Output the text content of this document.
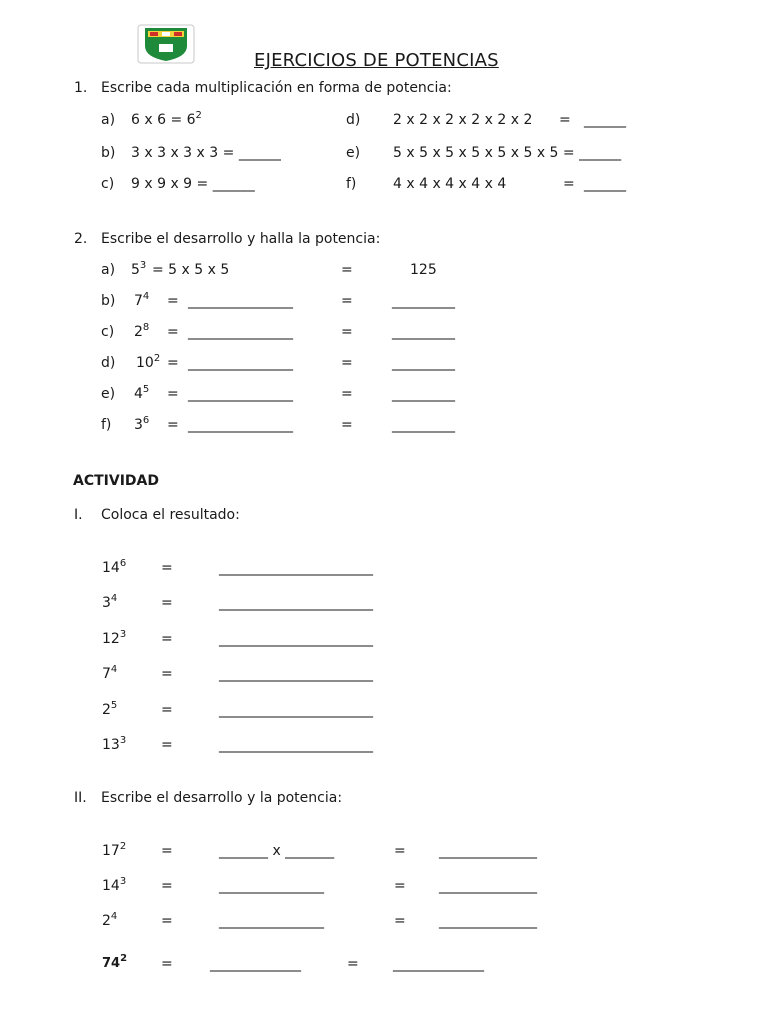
EJERCICIOS DE POTENCIAS
1. Escribe cada multiplicación en forma de potencia:
a) 6 x $6 = 6^2$
b) 3 x 3 x 3 x 3 = ______
c) 9 x 9 x 9 = ______
d) 2 x 2 x 2 x 2 x 2 x 2 = ______
e) 5 x 5 x 5 x 5 x 5 x 5 x 5 = ______
f)	4 x 4 x 4 x 4 x 4	= ______
2. Escribe el desarrollo y halla la potencia:
a) $5^3 = 5$ x 5 x 5	=	125
b) $7^4$ = _______________	=	_________
c) $2^8$ = _______________	=	_________
d) $10^2$ = _______________	=	_________
e) $4^5$ = _______________	=	_________
f) $3^6$ = _______________	=	_________
ACTIVIDAD
I. Coloca el resultado:
$14^6$ =	______________________
$3^4$	=	______________________
$12^3$ =	______________________
$7^4$	=	______________________
$2^5$	=	______________________
$13^3$ =	______________________
II. Escribe el desarrollo y la potencia:
$17^2$ =	_______ x _______	= ______________
$14^3$ =	_______________	= ______________
$2^4$	=	_______________	= ______________
$74^2$ =	_____________	= _____________
